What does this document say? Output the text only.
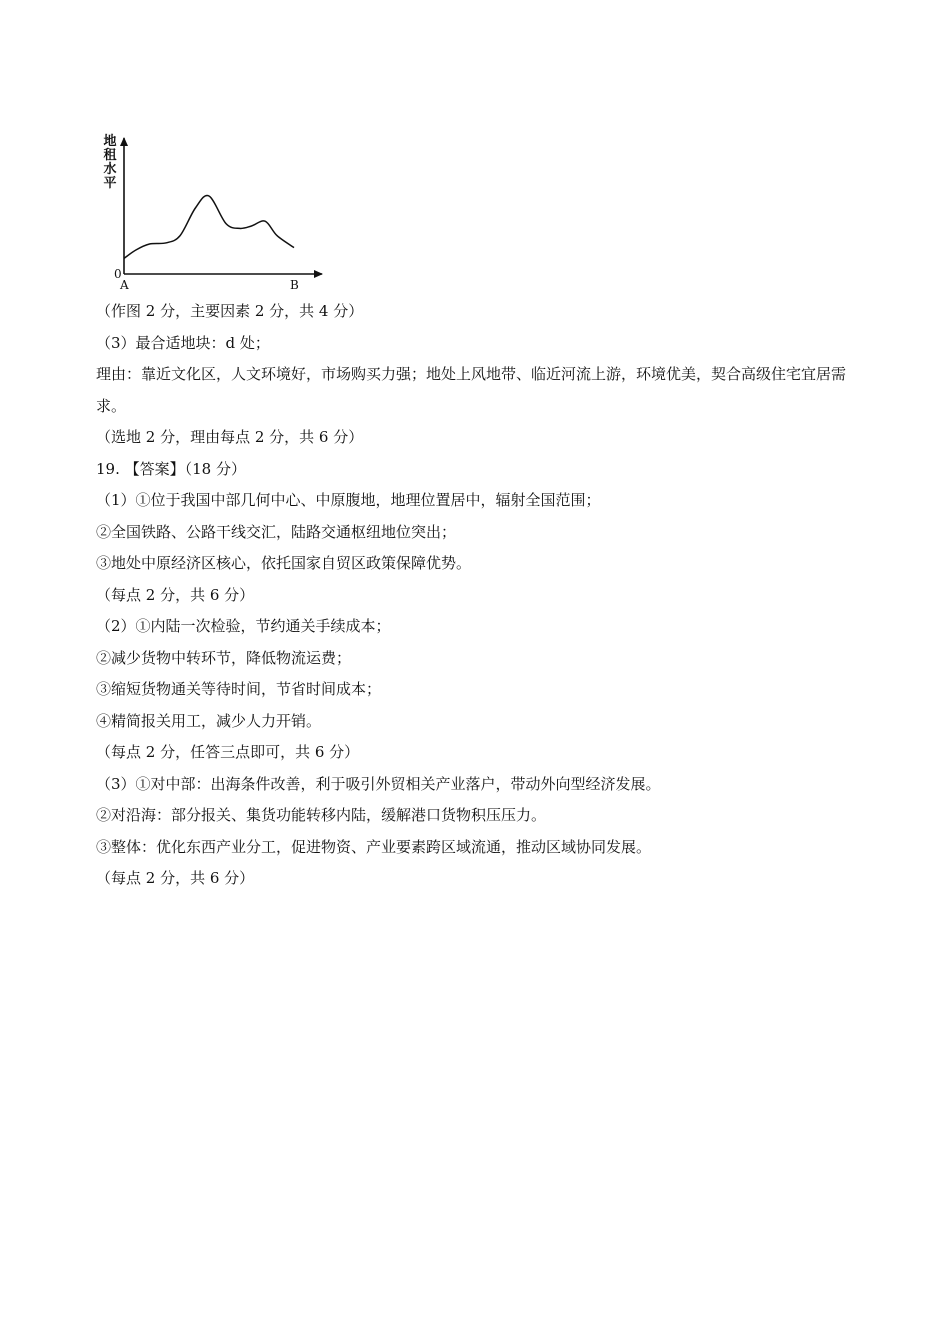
地
租
水
平
0
A	B
（作图 2 分，主要因素 2 分，共 4 分）
（3）最合适地块：d 处；
理由：靠近文化区，人文环境好，市场购买力强；地处上风地带、临近河流上游，环境优美，契合高级住宅宜居需求。
（选地 2 分，理由每点 2 分，共 6 分）
19. 【答案】（18 分）
（1）①位于我国中部几何中心、中原腹地，地理位置居中，辐射全国范围；
②全国铁路、公路干线交汇，陆路交通枢纽地位突出；
③地处中原经济区核心，依托国家自贸区政策保障优势。
（每点 2 分，共 6 分）
（2）①内陆一次检验，节约通关手续成本；
②减少货物中转环节，降低物流运费；
③缩短货物通关等待时间，节省时间成本；
④精简报关用工，减少人力开销。
（每点 2 分，任答三点即可，共 6 分）
（3）①对中部：出海条件改善，利于吸引外贸相关产业落户，带动外向型经济发展。
②对沿海：部分报关、集货功能转移内陆，缓解港口货物积压压力。
③整体：优化东西产业分工，促进物资、产业要素跨区域流通，推动区域协同发展。
（每点 2 分，共 6 分）
